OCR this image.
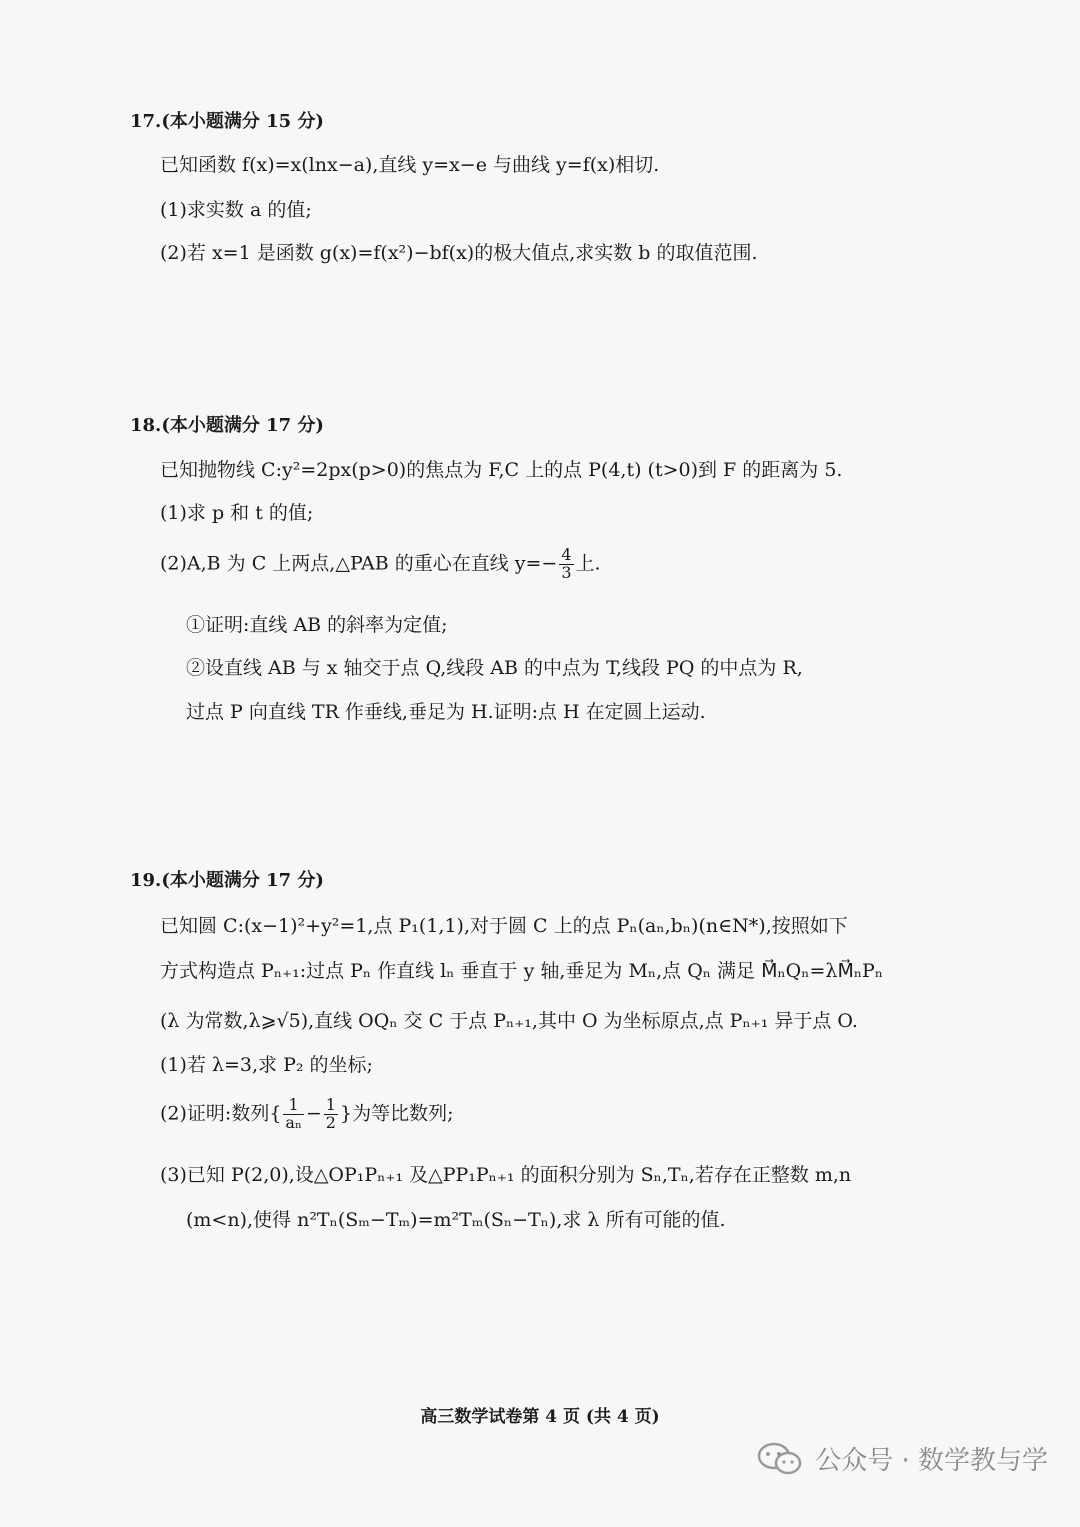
17.(本小题满分 15 分)
已知函数 f(x)=x(lnx−a),直线 y=x−e 与曲线 y=f(x)相切.
(1)求实数 a 的值;
(2)若 x=1 是函数 g(x)=f(x²)−bf(x)的极大值点,求实数 b 的取值范围.
18.(本小题满分 17 分)
已知抛物线 C:y²=2px(p>0)的焦点为 F,C 上的点 P(4,t) (t>0)到 F 的距离为 5.
(1)求 p 和 t 的值;
(2)A,B 为 C 上两点,△PAB 的重心在直线 $y=- \frac{4}{3}$ 上.
①证明:直线 AB 的斜率为定值;
②设直线 AB 与 x 轴交于点 Q,线段 AB 的中点为 T,线段 PQ 的中点为 R,
过点 P 向直线 TR 作垂线,垂足为 H.证明:点 H 在定圆上运动.
19.(本小题满分 17 分)
已知圆 C:(x−1)²+y²=1,点 P₁(1,1),对于圆 C 上的点 Pₙ(aₙ,bₙ)(n∈N*),按照如下
方式构造点 Pₙ₊₁:过点 Pₙ 作直线 lₙ 垂直于 y 轴,垂足为 Mₙ,点 Qₙ 满足 M⃗ₙQₙ=λM⃗ₙPₙ
(λ 为常数,λ⩾√5),直线 OQₙ 交 C 于点 Pₙ₊₁,其中 O 为坐标原点,点 Pₙ₊₁ 异于点 O.
(1)若 λ=3,求 P₂ 的坐标;
(2)证明:数列{ $\frac{1}{\text{aₙ}} - \frac{1}{2}$ }为等比数列;
(3)已知 P(2,0),设△OP₁Pₙ₊₁ 及△PP₁Pₙ₊₁ 的面积分别为 Sₙ,Tₙ,若存在正整数 m,n
(m<n),使得 n²Tₙ(Sₘ−Tₘ)=m²Tₘ(Sₙ−Tₙ),求 λ 所有可能的值.
高三数学试卷第 4 页 (共 4 页)
公众号 · 数学教与学
